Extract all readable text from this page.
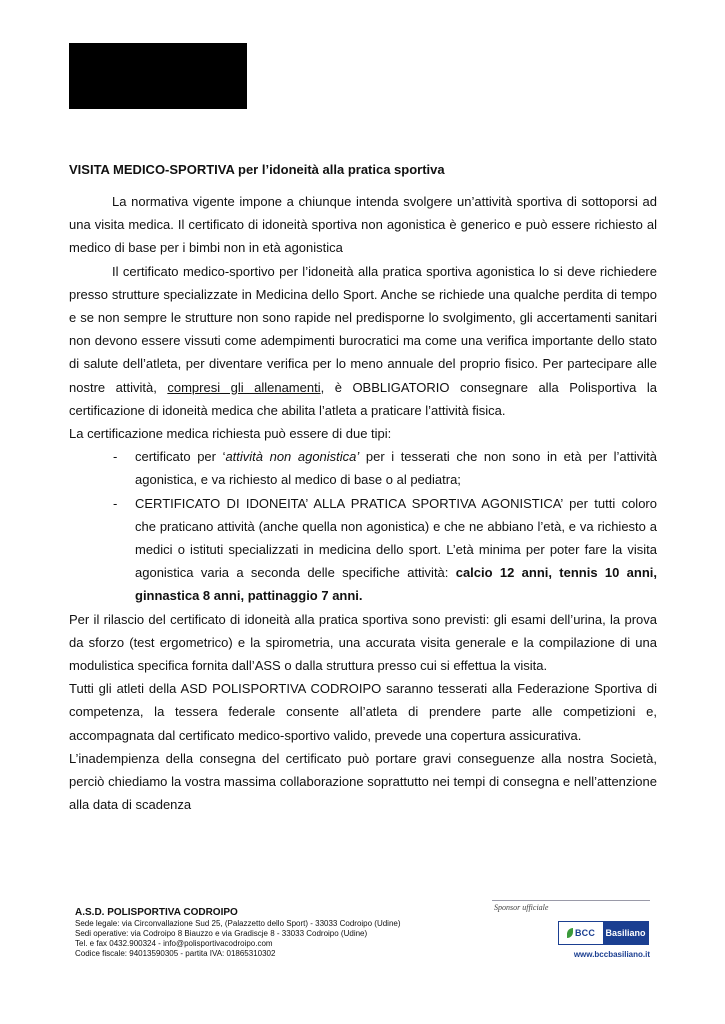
VISITA MEDICO-SPORTIVA per l’idoneità alla pratica sportiva

La normativa vigente impone a chiunque intenda svolgere un’attività sportiva di sottoporsi ad una visita medica. Il certificato di idoneità sportiva non agonistica è generico e può essere richiesto al medico di base per i bimbi non in età agonistica

Il certificato medico-sportivo per l’idoneità alla pratica sportiva agonistica lo si deve richiedere presso strutture specializzate in Medicina dello Sport. Anche se richiede una qualche perdita di tempo e se non sempre le strutture non sono rapide nel predisporne lo svolgimento, gli accertamenti sanitari non devono essere vissuti come adempimenti burocratici ma come una verifica importante dello stato di salute dell’atleta, per diventare verifica per lo meno annuale del proprio fisico. Per partecipare alle nostre attività, compresi gli allenamenti, è OBBLIGATORIO consegnare alla Polisportiva la certificazione di idoneità medica che abilita l’atleta a praticare l’attività fisica.

La certificazione medica richiesta può essere di due tipi:

- certificato per ‘attività non agonistica’ per i tesserati che non sono in età per l’attività agonistica, e va richiesto al medico di base o al pediatra;
- CERTIFICATO DI IDONEITA’ ALLA PRATICA SPORTIVA AGONISTICA’ per tutti coloro che praticano attività (anche quella non agonistica) e che ne abbiano l’età, e va richiesto a medici o istituti specializzati in medicina dello sport. L’età minima per poter fare la visita agonistica varia a seconda delle specifiche attività: calcio 12 anni, tennis 10 anni, ginnastica 8 anni, pattinaggio 7 anni.

Per il rilascio del certificato di idoneità alla pratica sportiva sono previsti: gli esami dell’urina, la prova da sforzo (test ergometrico) e la spirometria, una accurata visita generale e la compilazione di una modulistica specifica fornita dall’ASS o dalla struttura presso cui si effettua la visita.

Tutti gli atleti della ASD POLISPORTIVA CODROIPO saranno tesserati alla Federazione Sportiva di competenza, la tessera federale consente all’atleta di prendere parte alle competizioni e, accompagnata dal certificato medico-sportivo valido, prevede una copertura assicurativa.

L’inadempienza della consegna del certificato può portare gravi conseguenze alla nostra Società, perciò chiediamo la vostra massima collaborazione soprattutto nei tempi di consegna e nell’attenzione alla data di scadenza

A.S.D. POLISPORTIVA CODROIPO
Sede legale: via Circonvallazione Sud 25, (Palazzetto dello Sport) - 33033 Codroipo (Udine)
Sedi operative: via Codroipo 8 Biauzzo e via Gradiscje 8 - 33033 Codroipo (Udine)
Tel. e fax 0432.900324 - info@polisportivacodroipo.com
Codice fiscale: 94013590305 - partita IVA: 01865310302
Sponsor ufficiale
BCC Basiliano
www.bccbasiliano.it
